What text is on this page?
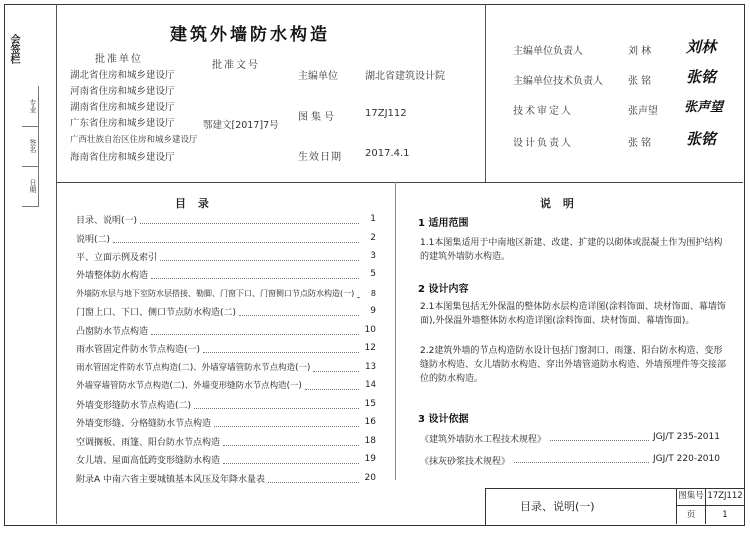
会签栏
专业
签名
日期
建筑外墙防水构造
批准单位
批准文号
湖北省住房和城乡建设厅
河南省住房和城乡建设厅
湖南省住房和城乡建设厅
广东省住房和城乡建设厅
广西壮族自治区住房和城乡建设厅
海南省住房和城乡建设厅
鄂建文[2017]7号
主编单位	湖北省建筑设计院
图集号	17ZJ112
生效日期 2017.4.1
主编单位负责人	刘 林 刘林
主编单位技术负责人	张 铭 张铭
技术审定人	张声望 张声望
设计负责人	张 铭 张铭
目 录	说 明
目录、说明(一)	1
说明(二)	2
平、立面示例及索引	3
外墙整体防水构造	5
外墙防水层与地下室防水层搭接、勒脚、门窗下口、门窗侧口节点防水构造(一)	8
门窗上口、下口、侧口节点防水构造(二)	9
凸窗防水节点构造	10
雨水管固定件防水节点构造(一)	12
雨水管固定件防水节点构造(二)、外墙穿墙管防水节点构造(一)	13
外墙穿墙管防水节点构造(二)、外墙变形缝防水节点构造(一)	14
外墙变形缝防水节点构造(二)	15
外墙变形缝、分格缝防水节点构造	16
空调搁板、雨篷、阳台防水节点构造	18
女儿墙、屋面高低跨变形缝防水构造	19
附录A 中南六省主要城镇基本风压及年降水量表	20
1 适用范围
1.1本图集适用于中南地区新建、改建、扩建的以砌体或混凝土作为围护结构的建筑外墙防水构造。
2 设计内容
2.1本图集包括无外保温的整体防水层构造详图(涂料饰面、块材饰面、幕墙饰面),外保温外墙整体防水构造详图(涂料饰面、块材饰面、幕墙饰面)。
2.2建筑外墙的节点构造防水设计包括门窗洞口、雨篷、阳台防水构造、变形缝防水构造、女儿墙防水构造、穿出外墙管道防水构造、外墙预埋件等交接部位的防水构造。
3 设计依据
《建筑外墙防水工程技术规程》	JGJ/T 235-2011
《抹灰砂浆技术规程》	JGJ/T 220-2010
目录、说明(一)
图集号 17ZJ112
页	1
